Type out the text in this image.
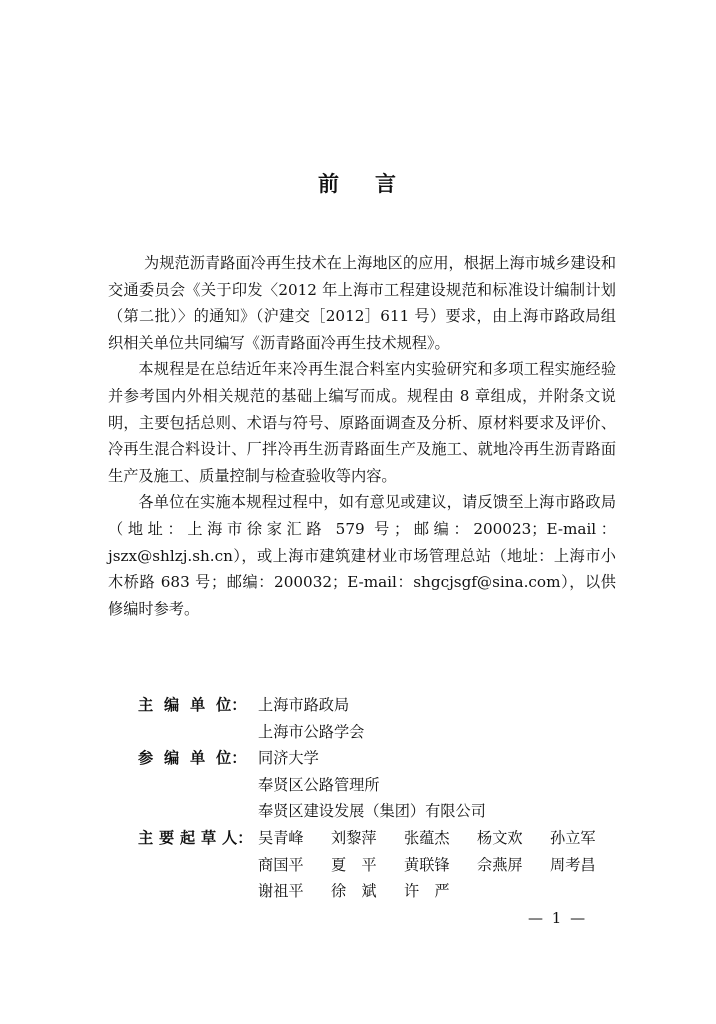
前 言

为规范沥青路面冷再生技术在上海地区的应用，根据上海市城乡建设和交通委员会《关于印发〈2012 年上海市工程建设规范和标准设计编制计划（第二批）〉的通知》（沪建交［2012］611 号）要求，由上海市路政局组织相关单位共同编写《沥青路面冷再生技术规程》。

本规程是在总结近年来冷再生混合料室内实验研究和多项工程实施经验并参考国内外相关规范的基础上编写而成。规程由 8 章组成，并附条文说明，主要包括总则、术语与符号、原路面调查及分析、原材料要求及评价、冷再生混合料设计、厂拌冷再生沥青路面生产及施工、就地冷再生沥青路面生产及施工、质量控制与检查验收等内容。

各单位在实施本规程过程中，如有意见或建议，请反馈至上海市路政局（地址：上海市徐家汇路 579 号；邮编：200023；E-mail：jszx@shlzj.sh.cn），或上海市建筑建材业市场管理总站（地址：上海市小木桥路 683 号；邮编：200032；E-mail：shgcjsgf@sina.com），以供修编时参考。

主 编 单 位： 上海市路政局
上海市公路学会
参 编 单 位： 同济大学
奉贤区公路管理所
奉贤区建设发展（集团）有限公司
主 要 起 草 人： 吴青峰	刘黎萍	张蕴杰	杨文欢	孙立军
商国平	夏　平	黄联锋	佘燕屏	周考昌
谢祖平	徐　斌	许　严
— 1 —
